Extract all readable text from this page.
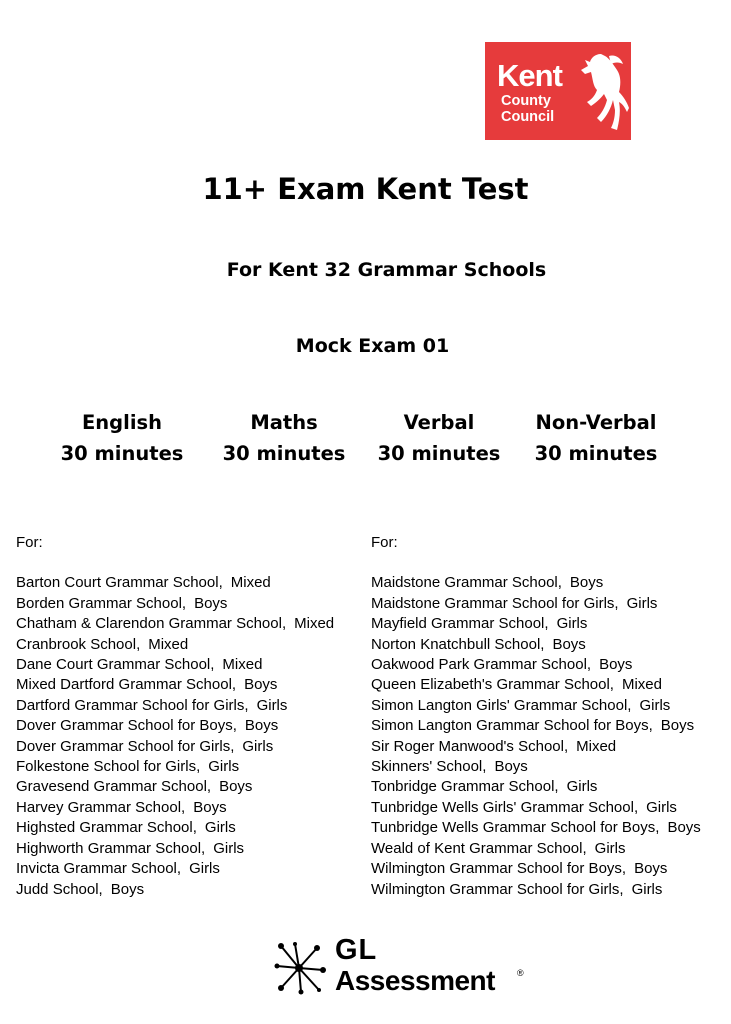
Kent
County
Council
11+ Exam Kent Test
For Kent 32 Grammar Schools
Mock Exam 01
English
30 minutes
Maths
30 minutes
Verbal
30 minutes
Non-Verbal
30 minutes
For:
Barton Court Grammar School, Mixed
Borden Grammar School, Boys
Chatham & Clarendon Grammar School, Mixed
Cranbrook School, Mixed
Dane Court Grammar School, Mixed
Mixed Dartford Grammar School, Boys
Dartford Grammar School for Girls, Girls
Dover Grammar School for Boys, Boys
Dover Grammar School for Girls, Girls
Folkestone School for Girls, Girls
Gravesend Grammar School, Boys
Harvey Grammar School, Boys
Highsted Grammar School, Girls
Highworth Grammar School, Girls
Invicta Grammar School, Girls
Judd School, Boys
For:
Maidstone Grammar School, Boys
Maidstone Grammar School for Girls, Girls
Mayfield Grammar School, Girls
Norton Knatchbull School, Boys
Oakwood Park Grammar School, Boys
Queen Elizabeth's Grammar School, Mixed
Simon Langton Girls' Grammar School, Girls
Simon Langton Grammar School for Boys, Boys
Sir Roger Manwood's School, Mixed
Skinners' School, Boys
Tonbridge Grammar School, Girls
Tunbridge Wells Girls' Grammar School, Girls
Tunbridge Wells Grammar School for Boys, Boys
Weald of Kent Grammar School, Girls
Wilmington Grammar School for Boys, Boys
Wilmington Grammar School for Girls, Girls
GL
Assessment ®
